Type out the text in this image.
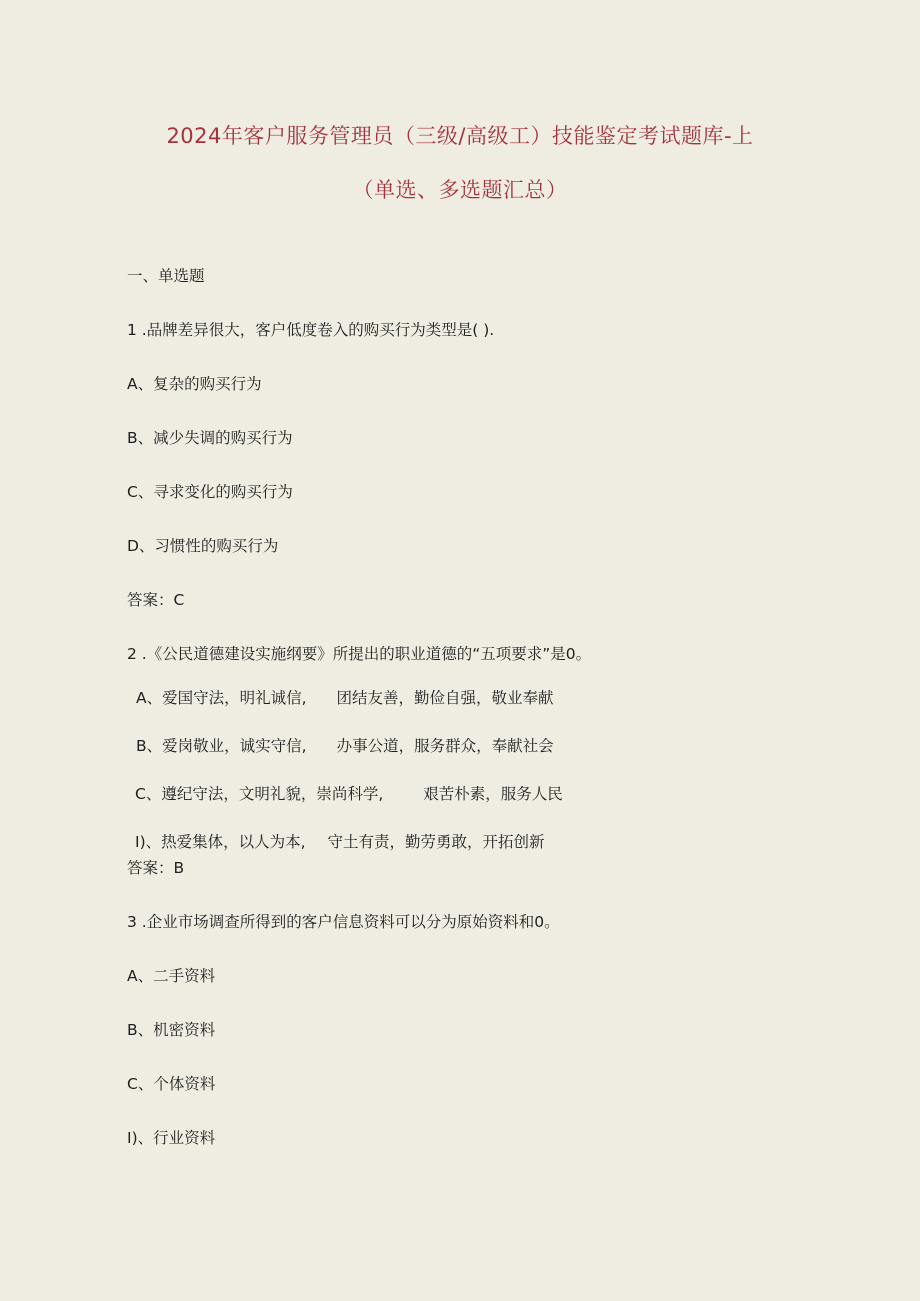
2024年客户服务管理员（三级/高级工）技能鉴定考试题库-上
（单选、多选题汇总）
一、单选题
1 .品牌差异很大，客户低度卷入的购买行为类型是( ).
A、复杂的购买行为
B、减少失调的购买行为
C、寻求变化的购买行为
D、习惯性的购买行为
答案：C
2 .《公民道德建设实施纲要》所提出的职业道德的“五项要求”是0。
A、爱国守法，明礼诚信, 团结友善，勤俭自强，敬业奉献
B、爱岗敬业，诚实守信, 办事公道，服务群众，奉献社会
C、遵纪守法，文明礼貌，崇尚科学,	艰苦朴素，服务人民
I)、热爱集体，以人为本, 守土有责，勤劳勇敢，开拓创新
答案：B
3 .企业市场调查所得到的客户信息资料可以分为原始资料和0。
A、二手资料
B、机密资料
C、个体资料
I)、行业资料
